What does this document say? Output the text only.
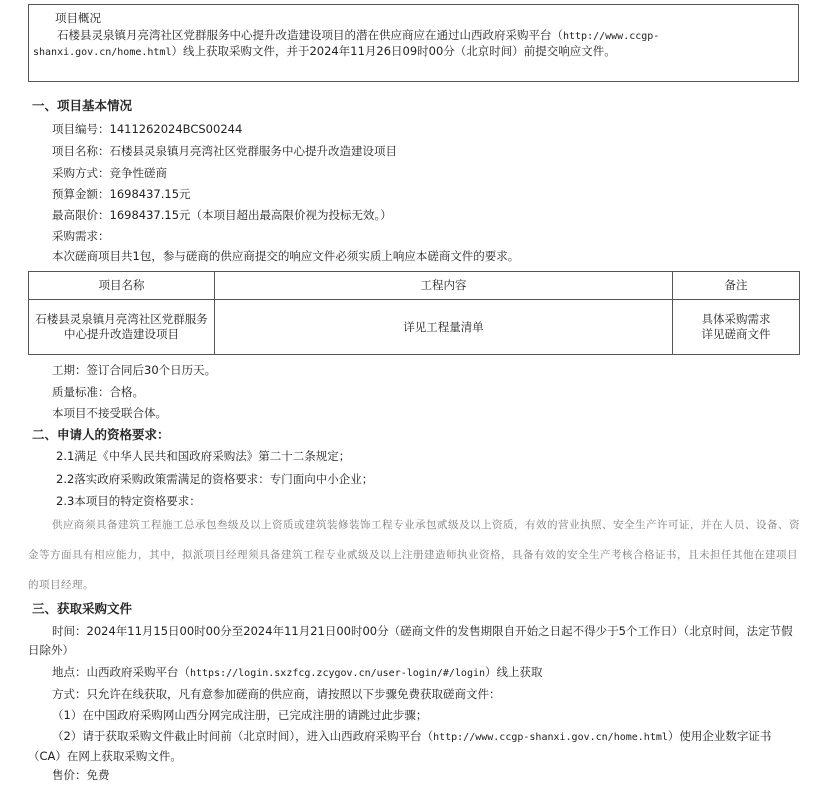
项目概况
石楼县灵泉镇月亮湾社区党群服务中心提升改造建设项目的潜在供应商应在通过山西政府采购平台（http://www.ccgp-shanxi.gov.cn/home.html）线上获取采购文件，并于2024年11月26日09时00分（北京时间）前提交响应文件。
一、项目基本情况
项目编号：1411262024BCS00244
项目名称：石楼县灵泉镇月亮湾社区党群服务中心提升改造建设项目
采购方式：竞争性磋商
预算金额：1698437.15元
最高限价：1698437.15元（本项目超出最高限价视为投标无效。）
采购需求：
本次磋商项目共1包，参与磋商的供应商提交的响应文件必须实质上响应本磋商文件的要求。
项目名称	工程内容	备注
石楼县灵泉镇月亮湾社区党群服务中心提升改造建设项目	详见工程量清单	具体采购需求详见磋商文件
工期：签订合同后30个日历天。
质量标准：合格。
本项目不接受联合体。
二、申请人的资格要求：
2.1满足《中华人民共和国政府采购法》第二十二条规定；
2.2落实政府采购政策需满足的资格要求：专门面向中小企业；
2.3本项目的特定资格要求：
供应商须具备建筑工程施工总承包叁级及以上资质或建筑装修装饰工程专业承包贰级及以上资质，有效的营业执照、安全生产许可证，并在人员、设备、资金等方面具有相应能力，其中，拟派项目经理须具备建筑工程专业贰级及以上注册建造师执业资格，具备有效的安全生产考核合格证书，且未担任其他在建项目的项目经理。
三、获取采购文件
时间：2024年11月15日00时00分至2024年11月21日00时00分（磋商文件的发售期限自开始之日起不得少于5个工作日）（北京时间，法定节假日除外）
地点：山西政府采购平台（https://login.sxzfcg.zcygov.cn/user-login/#/login）线上获取
方式：只允许在线获取，凡有意参加磋商的供应商，请按照以下步骤免费获取磋商文件：
（1）在中国政府采购网山西分网完成注册，已完成注册的请跳过此步骤；
（2）请于获取采购文件截止时间前（北京时间），进入山西政府采购平台（http://www.ccgp-shanxi.gov.cn/home.html）使用企业数字证书（CA）在网上获取采购文件。
售价：免费
